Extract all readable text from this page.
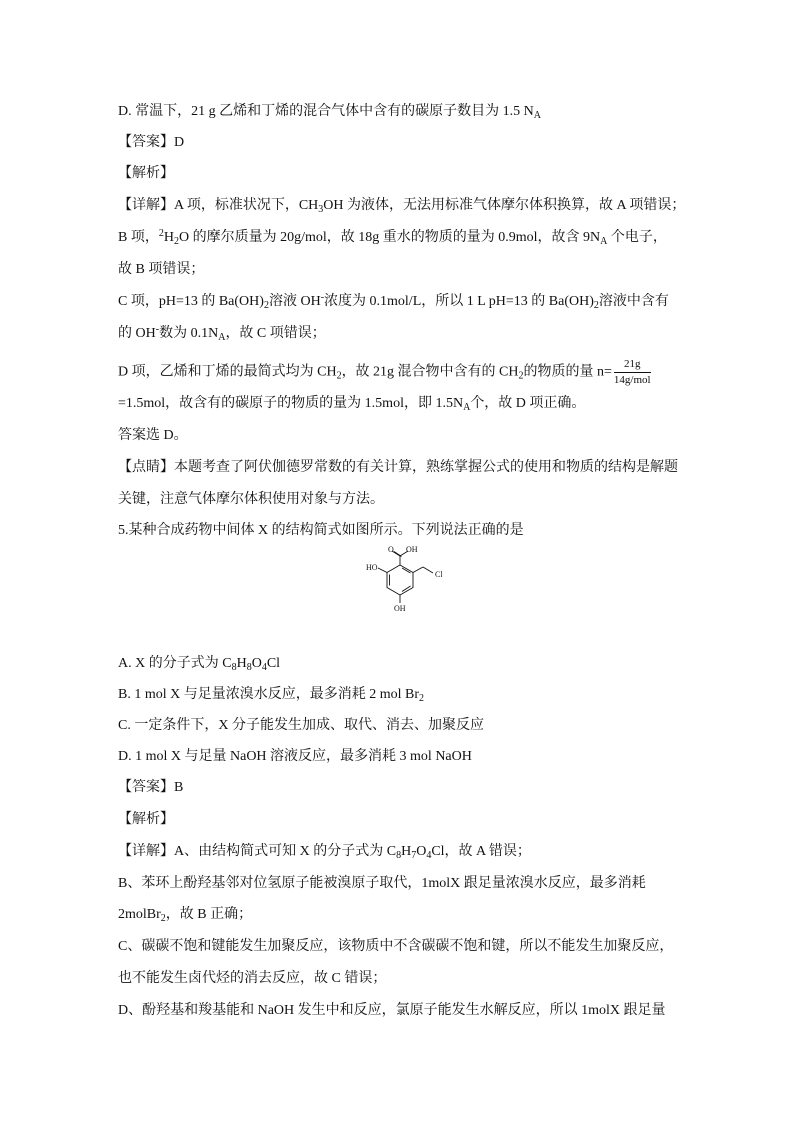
D. 常温下，21 g 乙烯和丁烯的混合气体中含有的碳原子数目为 1.5 $N_A$
【答案】D
【解析】
【详解】A 项，标准状况下，$CH_3OH$ 为液体，无法用标准气体摩尔体积换算，故 A 项错误；
B 项，$^2H_2O$ 的摩尔质量为 20g/mol，故 18g 重水的物质的量为 0.9mol，故含 $9N_A$ 个电子，
故 B 项错误；
C 项，pH=13 的 $Ba(OH)_2$溶液 OH-浓度为 0.1mol/L，所以 1 L pH=13 的 $Ba(OH)_2$溶液中含有
的 OH-数为 $0.1N_A$，故 C 项错误；
D 项，乙烯和丁烯的最简式均为 $CH_2$，故 21g 混合物中含有的 $CH_2$的物质的量 $n= \frac{21g}{\text{14g/mol}}$
=1.5mol，故含有的碳原子的物质的量为 1.5mol，即 $1.5N_A$个，故 D 项正确。
答案选 D。
【点睛】本题考查了阿伏伽德罗常数的有关计算，熟练掌握公式的使用和物质的结构是解题
关键，注意气体摩尔体积使用对象与方法。
5.某种合成药物中间体 X 的结构简式如图所示。下列说法正确的是
O OH
HO
Cl
OH
A. X 的分子式为 $C_8H_8O_4Cl$
B. 1 mol X 与足量浓溴水反应，最多消耗 2 mol $Br_2$
C. 一定条件下，X 分子能发生加成、取代、消去、加聚反应
D. 1 mol X 与足量 NaOH 溶液反应，最多消耗 3 mol NaOH
【答案】B
【解析】
【详解】A、由结构简式可知 X 的分子式为 $C_8H_7O_4Cl$，故 A 错误；
B、苯环上酚羟基邻对位氢原子能被溴原子取代，1molX 跟足量浓溴水反应，最多消耗
2molBr$_2$，故 B 正确；
C、碳碳不饱和键能发生加聚反应，该物质中不含碳碳不饱和键，所以不能发生加聚反应，
也不能发生卤代烃的消去反应，故 C 错误；
D、酚羟基和羧基能和 NaOH 发生中和反应，氯原子能发生水解反应，所以 1molX 跟足量
